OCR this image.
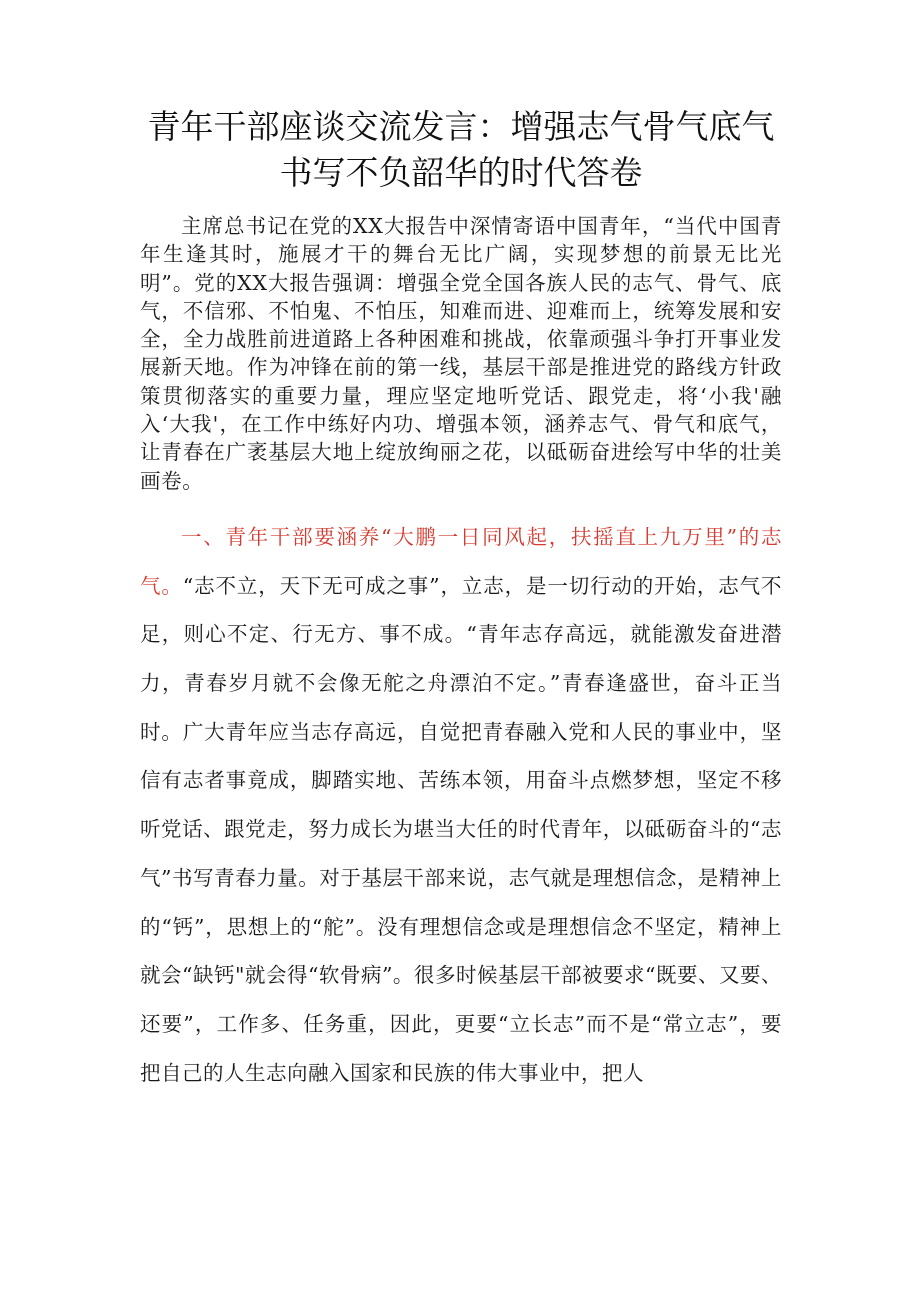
青年干部座谈交流发言：增强志气骨气底气
书写不负韶华的时代答卷

主席总书记在党的XX大报告中深情寄语中国青年，“当代中国青年生逢其时，施展才干的舞台无比广阔，实现梦想的前景无比光明”。党的XX大报告强调：增强全党全国各族人民的志气、骨气、底气，不信邪、不怕鬼、不怕压，知难而进、迎难而上，统筹发展和安全，全力战胜前进道路上各种困难和挑战，依靠顽强斗争打开事业发展新天地。作为冲锋在前的第一线，基层干部是推进党的路线方针政策贯彻落实的重要力量，理应坚定地听党话、跟党走，将‘小我'融入‘大我'，在工作中练好内功、增强本领，涵养志气、骨气和底气，让青春在广袤基层大地上绽放绚丽之花，以砥砺奋进绘写中华的壮美画卷。

一、青年干部要涵养“大鹏一日同风起，扶摇直上九万里”的志气。“志不立，天下无可成之事”，立志，是一切行动的开始，志气不足，则心不定、行无方、事不成。“青年志存高远，就能激发奋进潜力，青春岁月就不会像无舵之舟漂泊不定。”青春逢盛世，奋斗正当时。广大青年应当志存高远，自觉把青春融入党和人民的事业中，坚信有志者事竟成，脚踏实地、苦练本领，用奋斗点燃梦想，坚定不移听党话、跟党走，努力成长为堪当大任的时代青年，以砥砺奋斗的“志气”书写青春力量。对于基层干部来说，志气就是理想信念，是精神上的“钙”，思想上的“舵”。没有理想信念或是理想信念不坚定，精神上就会“缺钙"就会得“软骨病”。很多时候基层干部被要求“既要、又要、还要”，工作多、任务重，因此，更要“立长志”而不是“常立志”，要把自己的人生志向融入国家和民族的伟大事业中，把人
